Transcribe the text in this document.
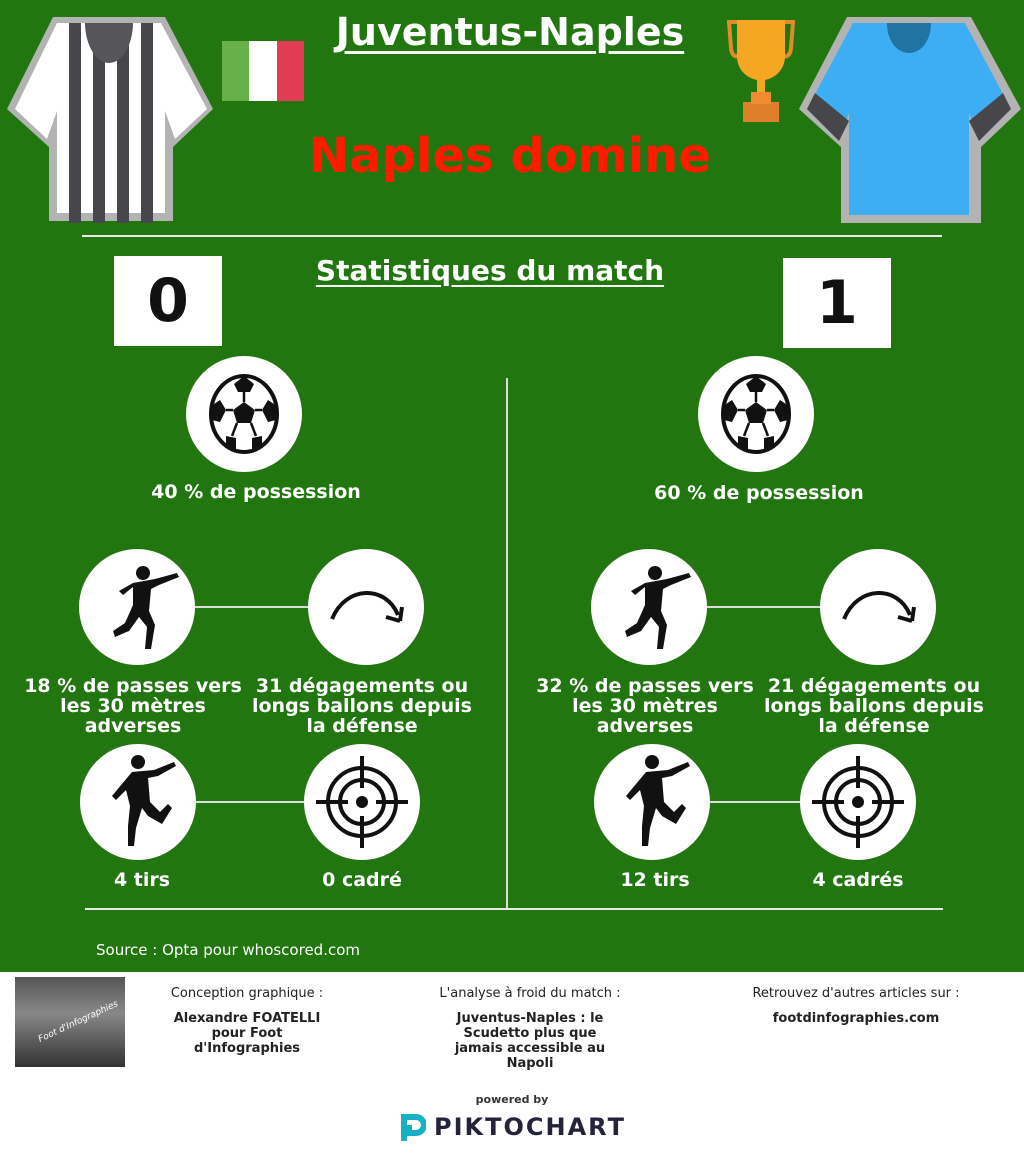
Juventus-Naples
Naples domine
0	1
Statistiques du match
40 % de possession
18 % de passes vers les 30 mètres adverses
31 dégagements ou longs ballons depuis la défense
4 tirs	0 cadré
60 % de possession
32 % de passes vers les 30 mètres adverses
21 dégagements ou longs ballons depuis la défense
12 tirs	4 cadrés
Source : Opta pour whoscored.com
Foot d'Infographies
Conception graphique :
Alexandre FOATELLI pour Foot d'Infographies
L'analyse à froid du match :
Juventus-Naples : le Scudetto plus que jamais accessible au Napoli
Retrouvez d'autres articles sur :
footdinfographies.com
powered by
PIKTOCHART
